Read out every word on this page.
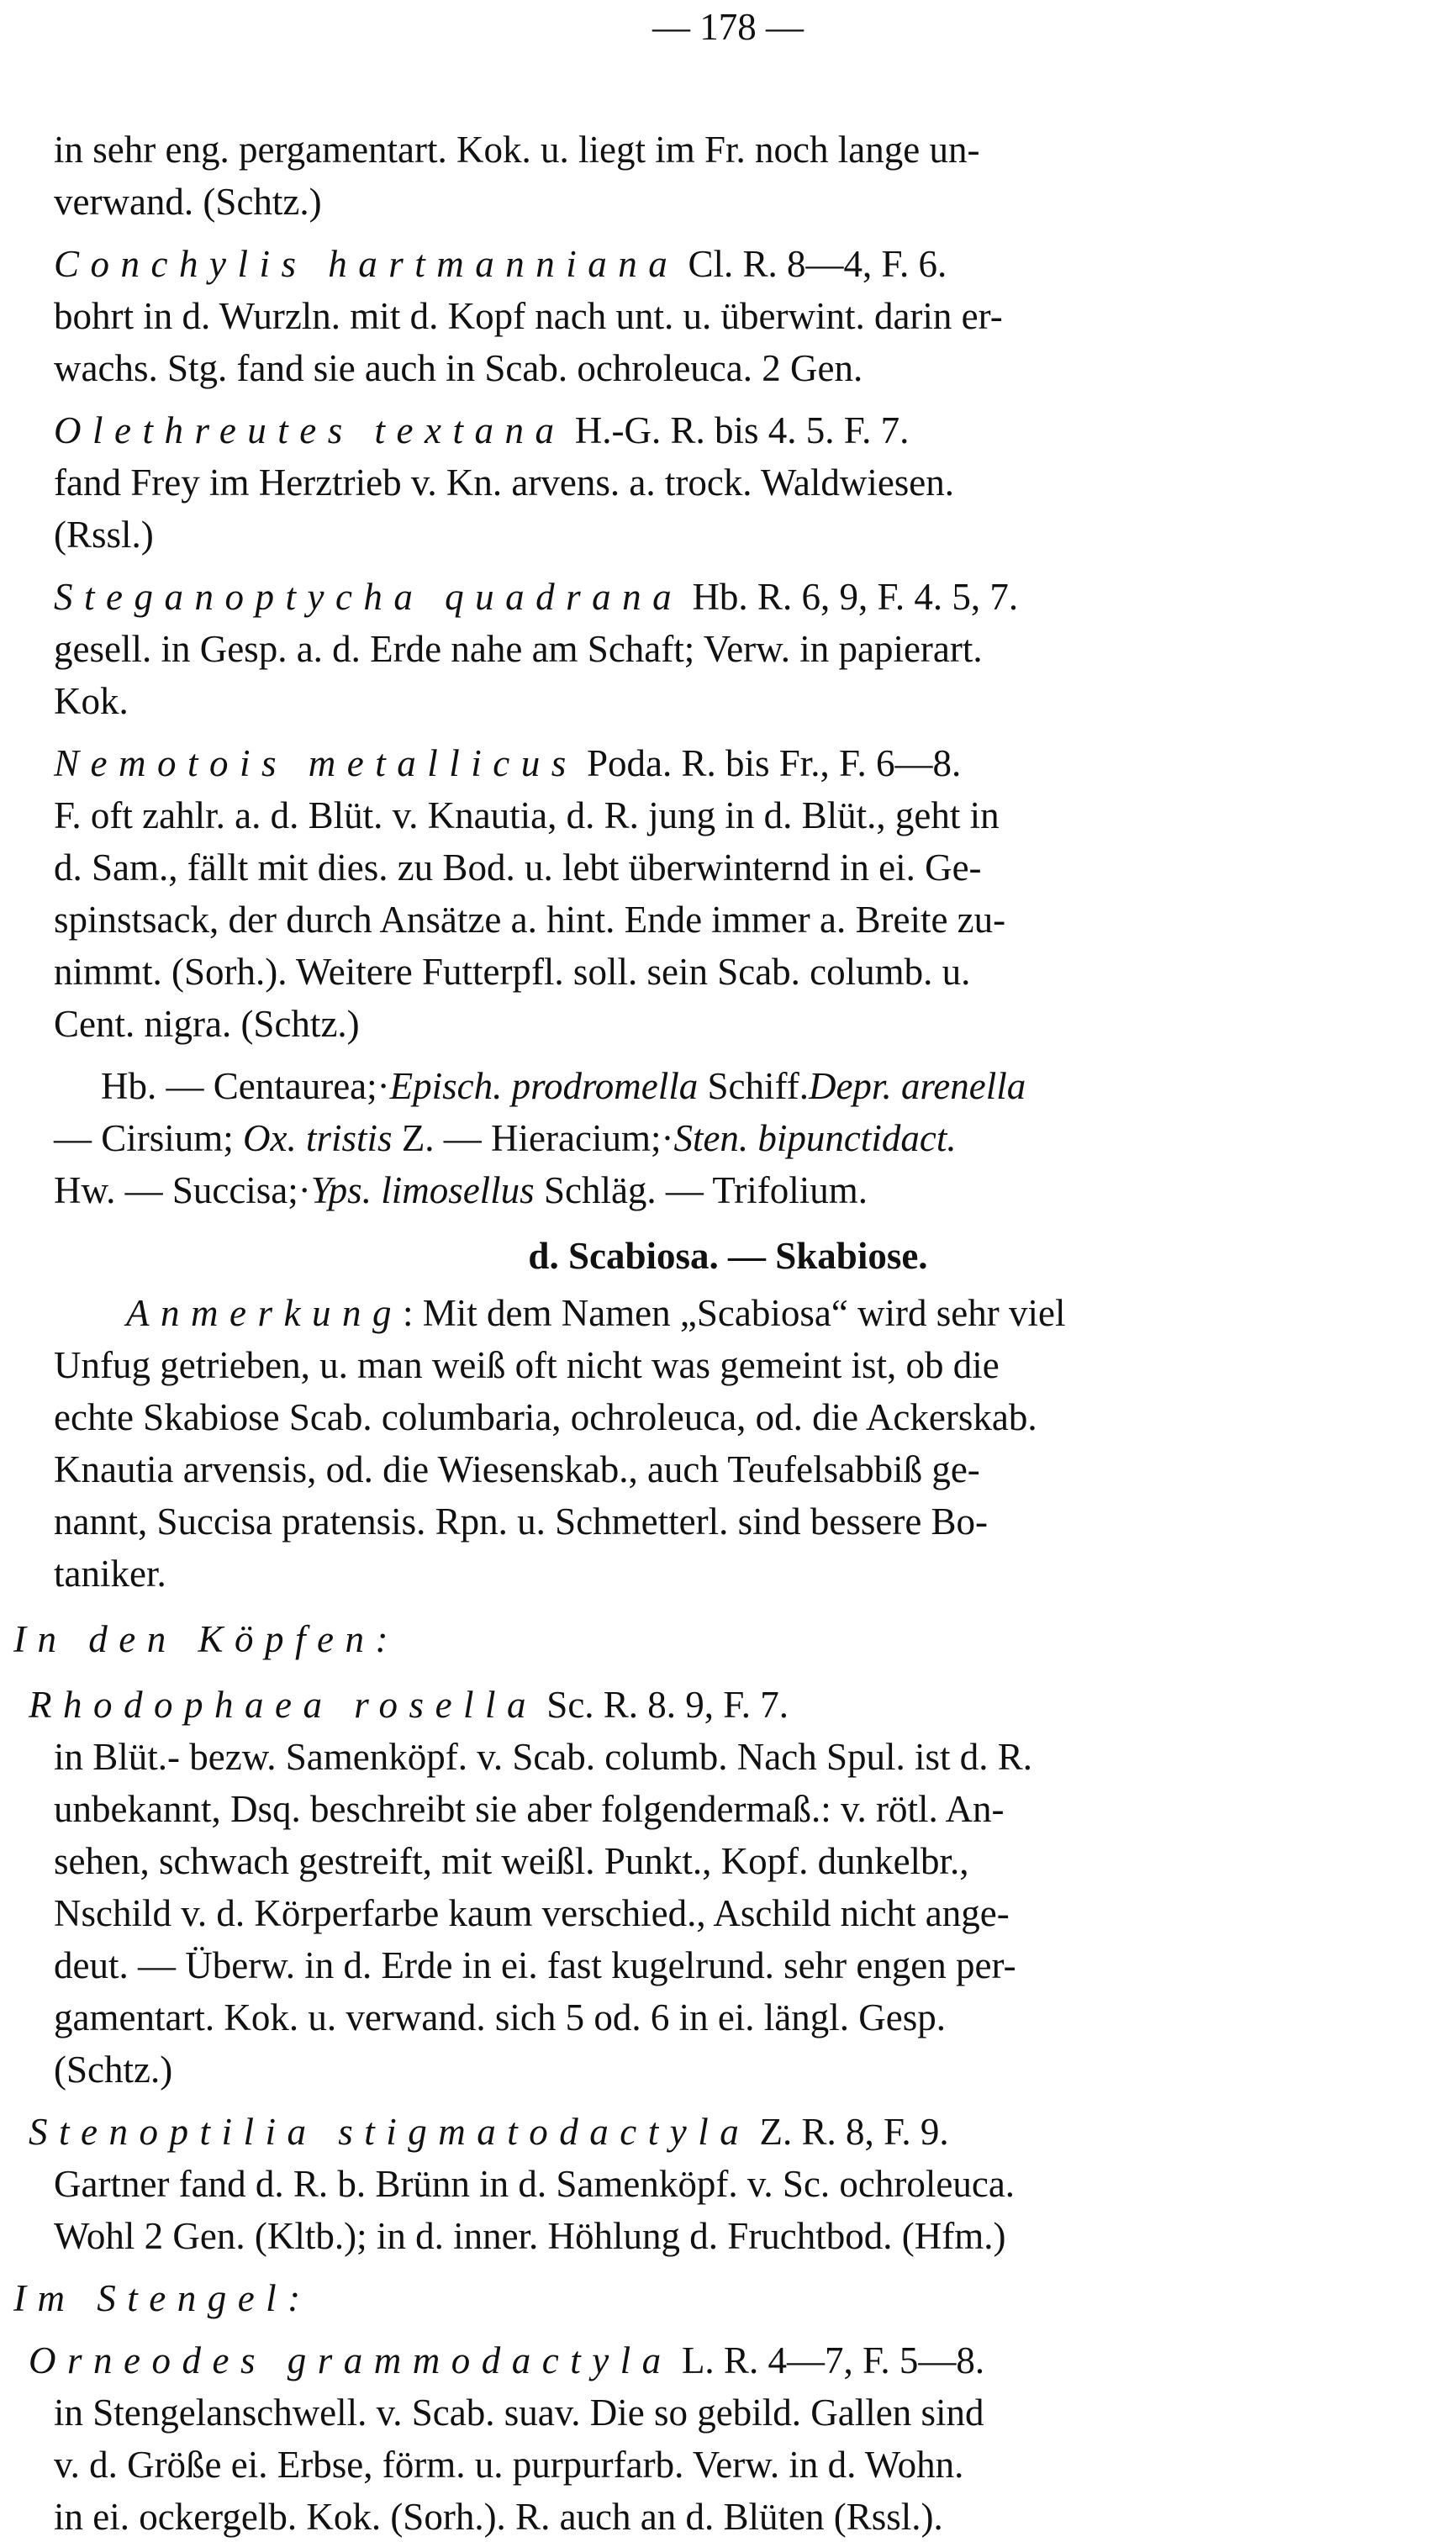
— 178 —
in sehr eng. pergamentart. Kok. u. liegt im Fr. noch lange un-
verwand. (Schtz.)
Conchylis hartmanniana Cl. R. 8—4, F. 6.
bohrt in d. Wurzln. mit d. Kopf nach unt. u. überwint. darin er-
wachs. Stg. fand sie auch in Scab. ochroleuca. 2 Gen.
Olethreutes textana H.-G. R. bis 4. 5. F. 7.
fand Frey im Herztrieb v. Kn. arvens. a. trock. Waldwiesen.
(Rssl.)
Steganoptycha quadrana Hb. R. 6, 9, F. 4. 5, 7.
gesell. in Gesp. a. d. Erde nahe am Schaft; Verw. in papierart.
Kok.
Nemotois metallicus Poda. R. bis Fr., F. 6—8.
F. oft zahlr. a. d. Blüt. v. Knautia, d. R. jung in d. Blüt., geht in
d. Sam., fällt mit dies. zu Bod. u. lebt überwinternd in ei. Ge-
spinstsack, der durch Ansätze a. hint. Ende immer a. Breite zu-
nimmt. (Sorh.). Weitere Futterpfl. soll. sein Scab. columb. u.
Cent. nigra. (Schtz.)
Hb. — Centaurea;·Episch. prodromella Schiff.Depr. arenella
— Cirsium; Ox. tristis Z. — Hieracium;·Sten. bipunctidact.
Hw. — Succisa;·Yps. limosellus Schläg. — Trifolium.
d. Scabiosa. — Skabiose.
Anmerkung: Mit dem Namen „Scabiosa“ wird sehr viel
Unfug getrieben, u. man weiß oft nicht was gemeint ist, ob die
echte Skabiose Scab. columbaria, ochroleuca, od. die Ackerskab.
Knautia arvensis, od. die Wiesenskab., auch Teufelsabbiß ge-
nannt, Succisa pratensis. Rpn. u. Schmetterl. sind bessere Bo-
taniker.
In den Köpfen:
Rhodophaea rosella Sc. R. 8. 9, F. 7.
in Blüt.- bezw. Samenköpf. v. Scab. columb. Nach Spul. ist d. R.
unbekannt, Dsq. beschreibt sie aber folgendermaß.: v. rötl. An-
sehen, schwach gestreift, mit weißl. Punkt., Kopf. dunkelbr.,
Nschild v. d. Körperfarbe kaum verschied., Aschild nicht ange-
deut. — Überw. in d. Erde in ei. fast kugelrund. sehr engen per-
gamentart. Kok. u. verwand. sich 5 od. 6 in ei. längl. Gesp.
(Schtz.)
Stenoptilia stigmatodactyla Z. R. 8, F. 9.
Gartner fand d. R. b. Brünn in d. Samenköpf. v. Sc. ochroleuca.
Wohl 2 Gen. (Kltb.); in d. inner. Höhlung d. Fruchtbod. (Hfm.)
Im Stengel:
Orneodes grammodactyla L. R. 4—7, F. 5—8.
in Stengelanschwell. v. Scab. suav. Die so gebild. Gallen sind
v. d. Größe ei. Erbse, förm. u. purpurfarb. Verw. in d. Wohn.
in ei. ockergelb. Kok. (Sorh.). R. auch an d. Blüten (Rssl.).
